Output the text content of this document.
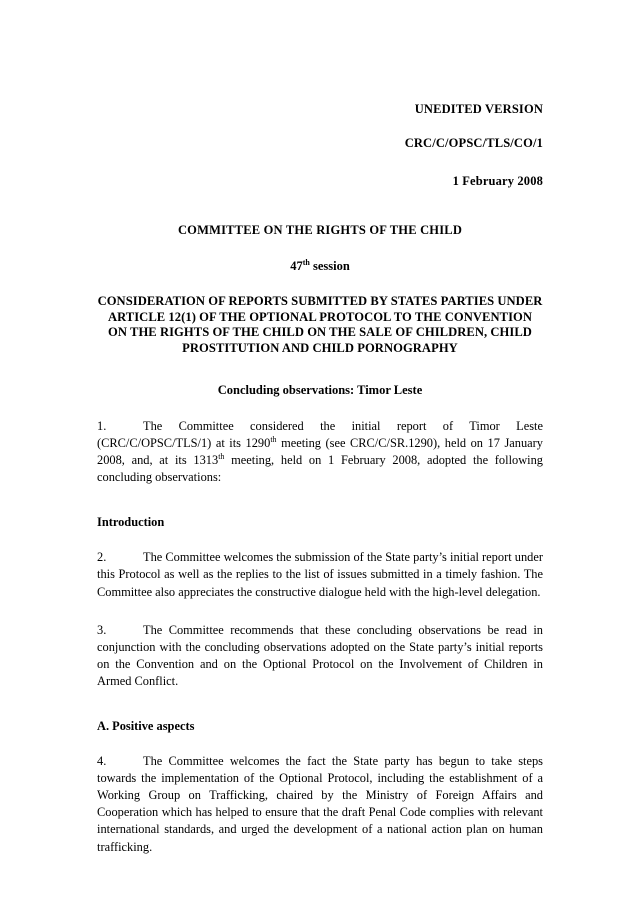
UNEDITED VERSION
CRC/C/OPSC/TLS/CO/1
1 February 2008
COMMITTEE ON THE RIGHTS OF THE CHILD
47th session
CONSIDERATION OF REPORTS SUBMITTED BY STATES PARTIES UNDER ARTICLE 12(1) OF THE OPTIONAL PROTOCOL TO THE CONVENTION ON THE RIGHTS OF THE CHILD ON THE SALE OF CHILDREN, CHILD PROSTITUTION AND CHILD PORNOGRAPHY
Concluding observations: Timor Leste
1.	The Committee considered the initial report of Timor Leste (CRC/C/OPSC/TLS/1) at its 1290th meeting (see CRC/C/SR.1290), held on 17 January 2008, and, at its 1313th meeting, held on 1 February 2008, adopted the following concluding observations:
Introduction
2.	The Committee welcomes the submission of the State party’s initial report under this Protocol as well as the replies to the list of issues submitted in a timely fashion. The Committee also appreciates the constructive dialogue held with the high-level delegation.
3.	The Committee recommends that these concluding observations be read in conjunction with the concluding observations adopted on the State party’s initial reports on the Convention and on the Optional Protocol on the Involvement of Children in Armed Conflict.
A. Positive aspects
4.	The Committee welcomes the fact the State party has begun to take steps towards the implementation of the Optional Protocol, including the establishment of a Working Group on Trafficking, chaired by the Ministry of Foreign Affairs and Cooperation which has helped to ensure that the draft Penal Code complies with relevant international standards, and urged the development of a national action plan on human trafficking.
